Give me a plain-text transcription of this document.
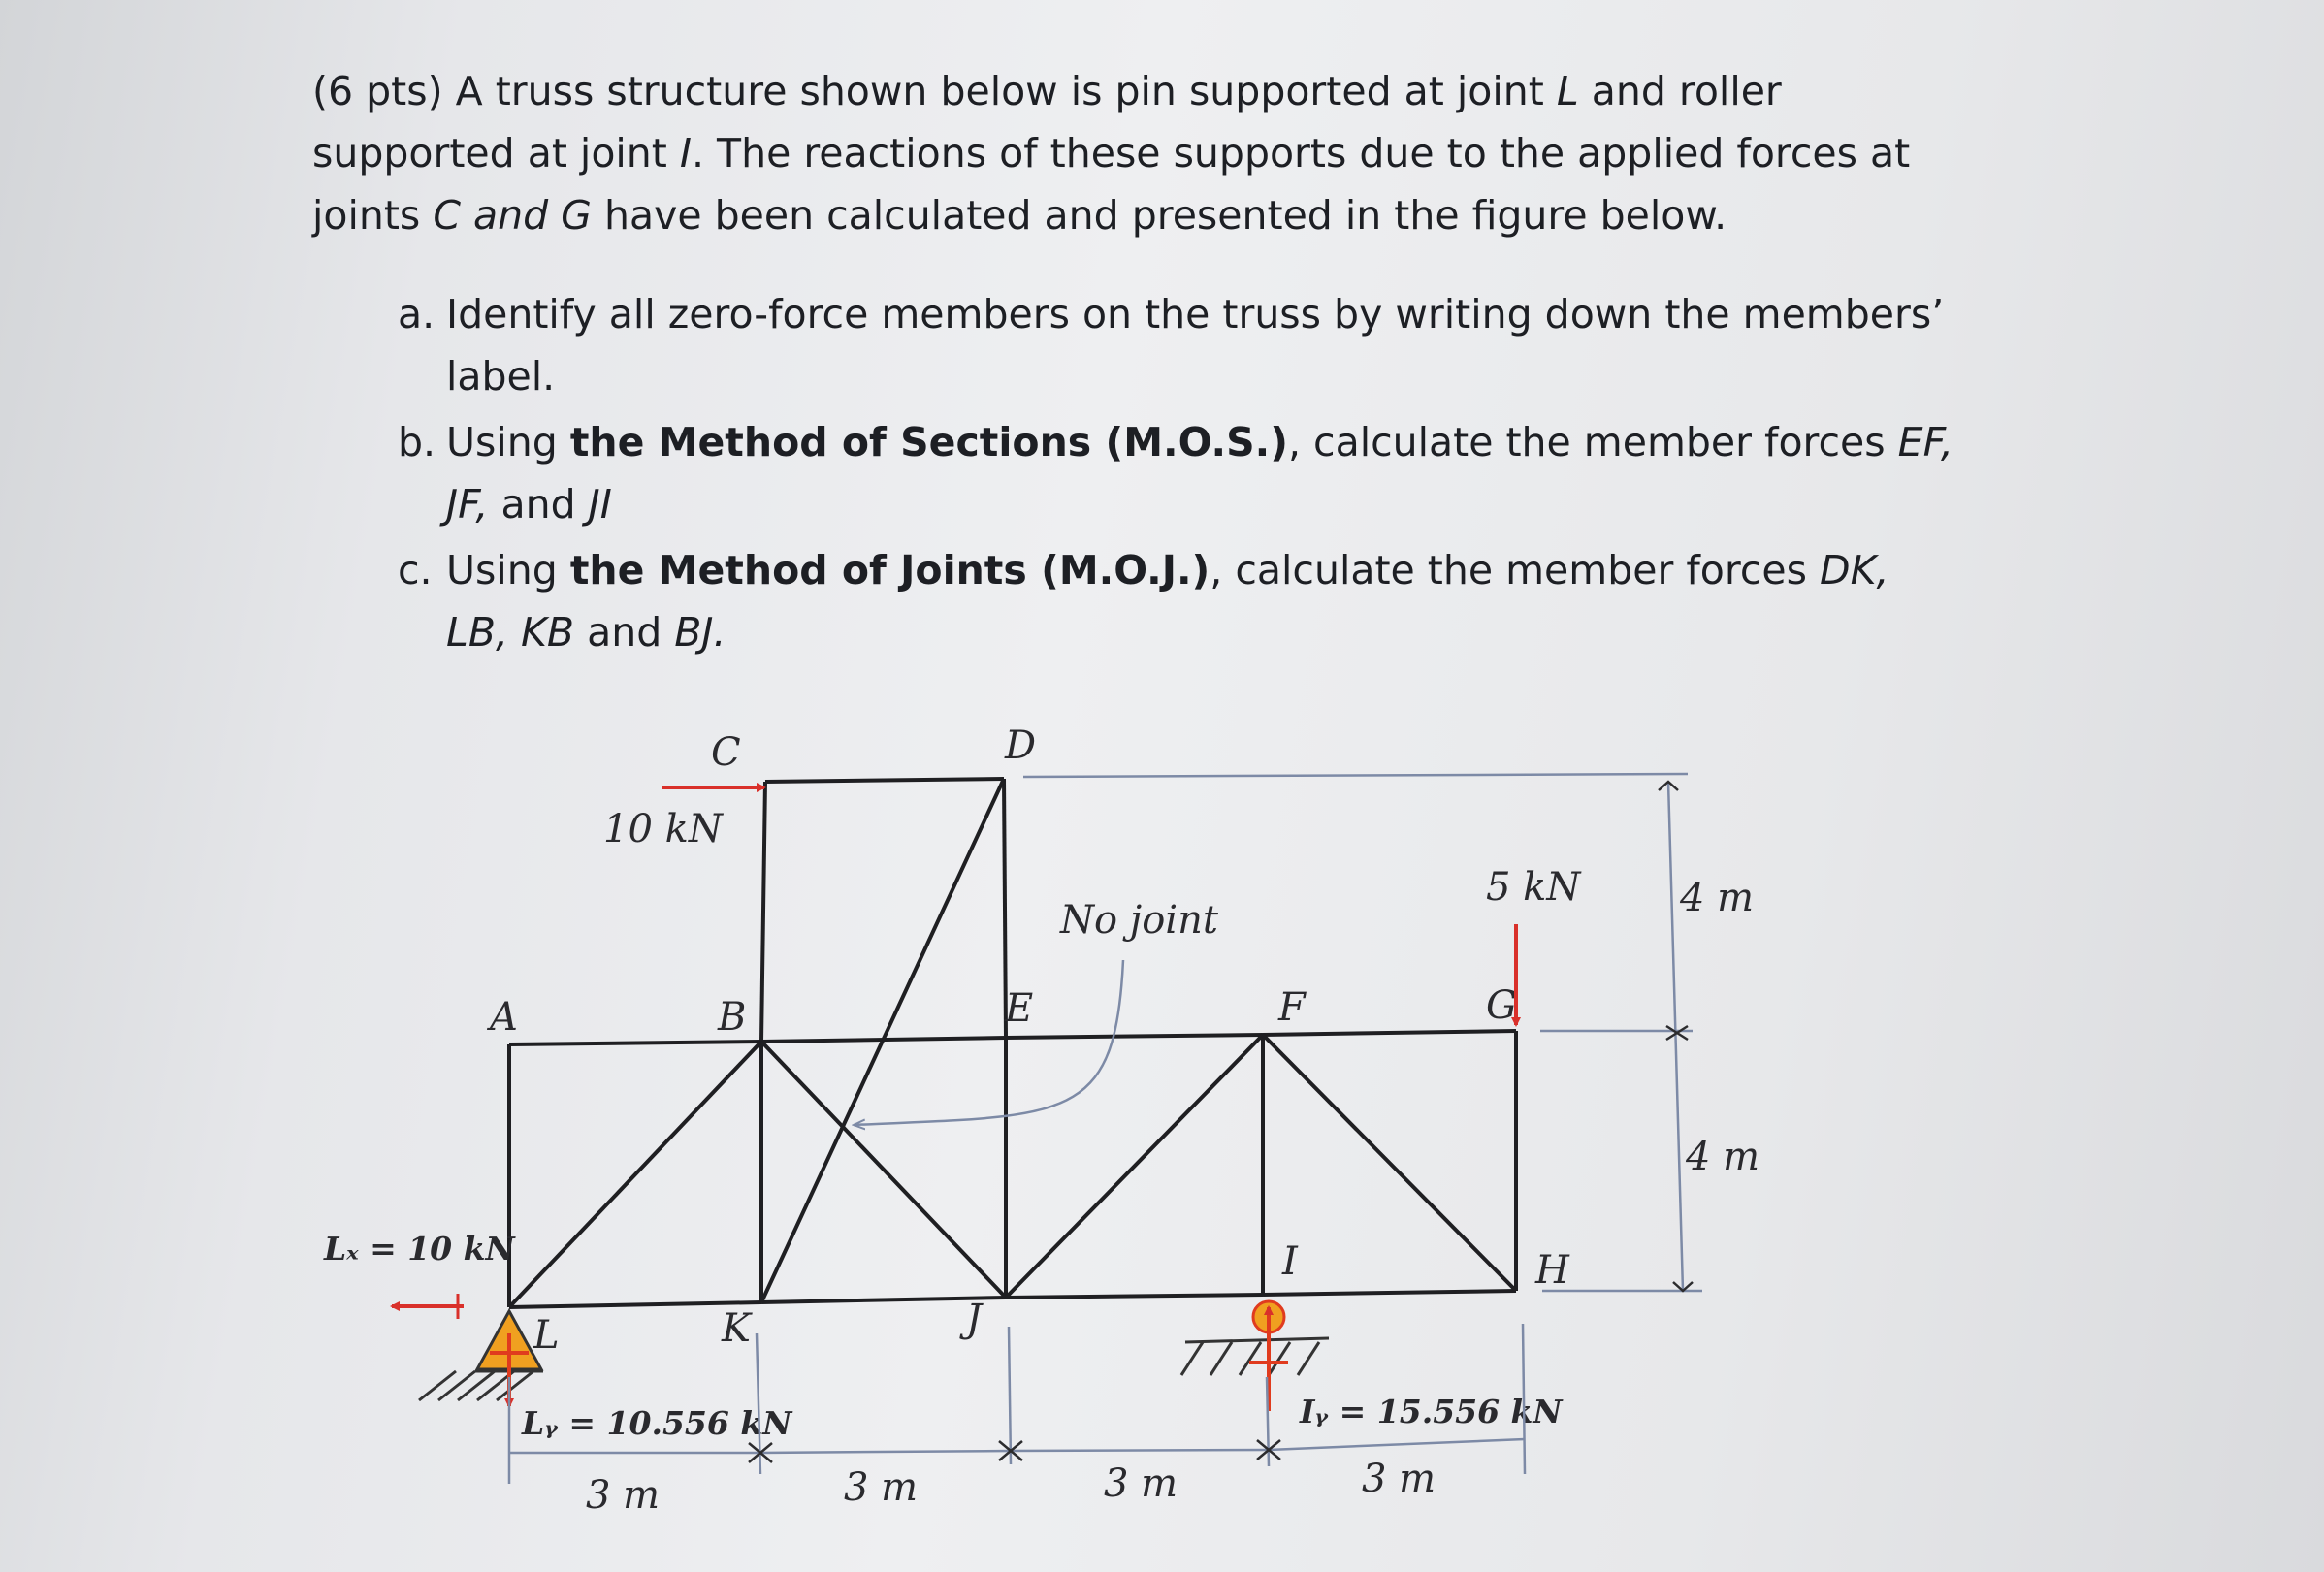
(6 pts) A truss structure shown below is pin supported at joint L and roller supported at joint I. The reactions of these supports due to the applied forces at joints C and G have been calculated and presented in the figure below.

a. Identify all zero-force members on the truss by writing down the members’ label.
b. Using the Method of Sections (M.O.S.), calculate the member forces EF, JF, and JI
c. Using the Method of Joints (M.O.J.), calculate the member forces DK, LB, KB and BJ.
No joint
A	B
C	D
E	F	G
H
I
J
K
L
10 kN
5 kN
Lₓ = 10 kN
Lᵧ = 10.556 kN	Iᵧ = 15.556 kN
4 m
4 m
3 m	3 m	3 m	3 m
